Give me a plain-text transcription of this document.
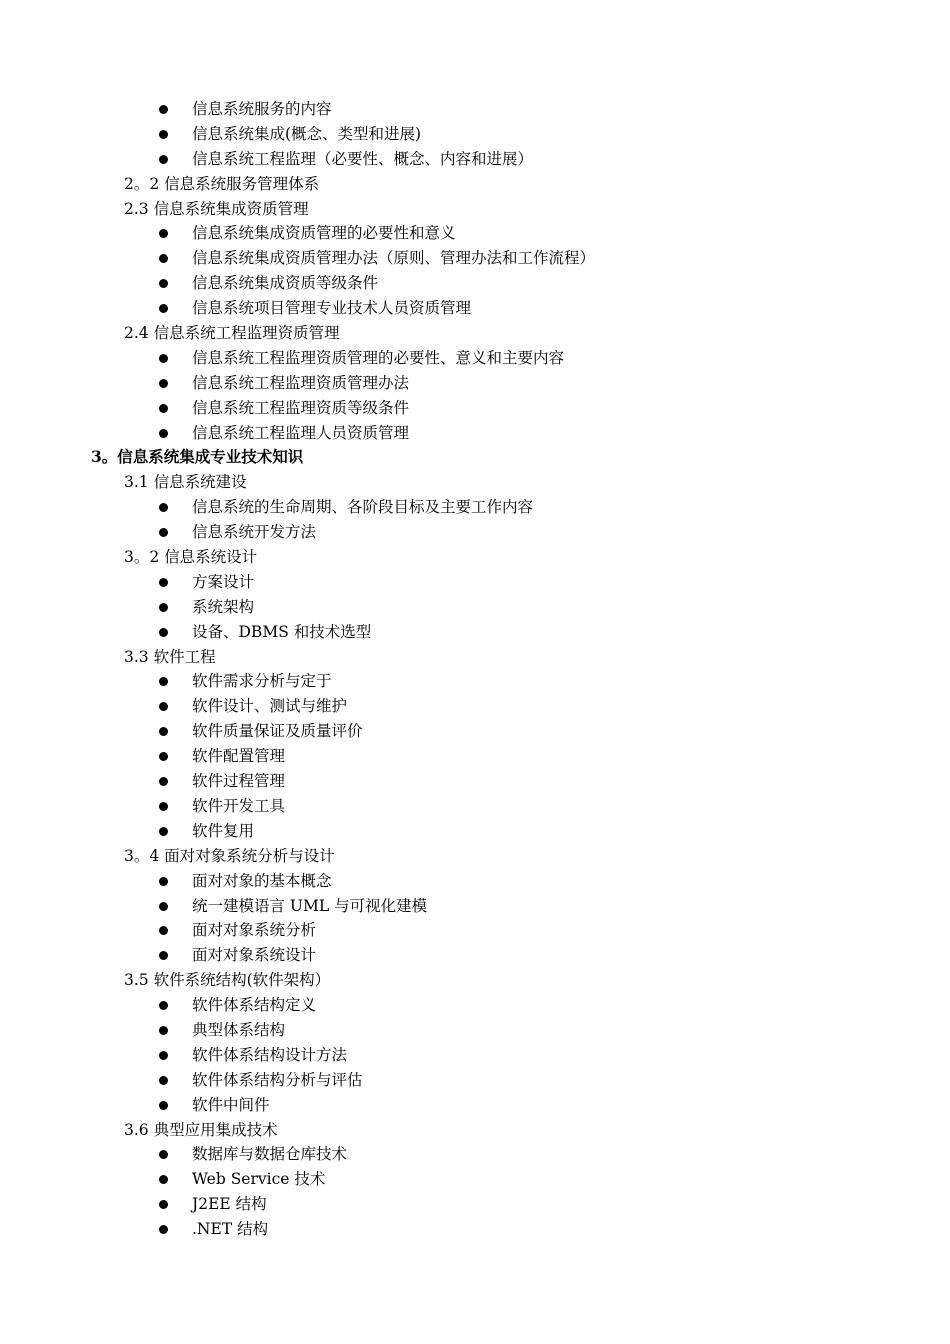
信息系统服务的内容
信息系统集成(概念、类型和进展)
信息系统工程监理（必要性、概念、内容和进展）
2。2 信息系统服务管理体系
2.3 信息系统集成资质管理
信息系统集成资质管理的必要性和意义
信息系统集成资质管理办法（原则、管理办法和工作流程）
信息系统集成资质等级条件
信息系统项目管理专业技术人员资质管理
2.4 信息系统工程监理资质管理
信息系统工程监理资质管理的必要性、意义和主要内容
信息系统工程监理资质管理办法
信息系统工程监理资质等级条件
信息系统工程监理人员资质管理
3。信息系统集成专业技术知识
3.1 信息系统建设
信息系统的生命周期、各阶段目标及主要工作内容
信息系统开发方法
3。2 信息系统设计
方案设计
系统架构
设备、DBMS 和技术选型
3.3 软件工程
软件需求分析与定于
软件设计、测试与维护
软件质量保证及质量评价
软件配置管理
软件过程管理
软件开发工具
软件复用
3。4 面对对象系统分析与设计
面对对象的基本概念
统一建模语言 UML 与可视化建模
面对对象系统分析
面对对象系统设计
3.5 软件系统结构(软件架构）
软件体系结构定义
典型体系结构
软件体系结构设计方法
软件体系结构分析与评估
软件中间件
3.6 典型应用集成技术
数据库与数据仓库技术
Web Service 技术
J2EE 结构
.NET 结构
